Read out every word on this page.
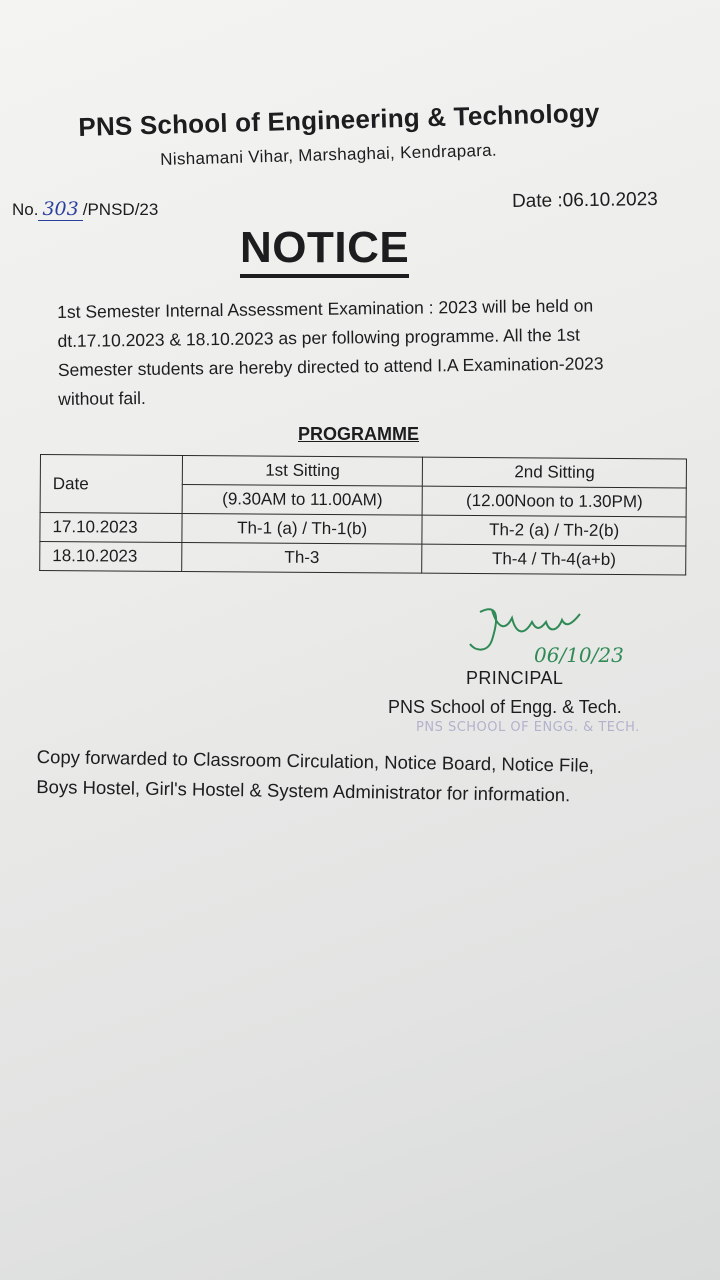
PNS School of Engineering & Technology
Nishamani Vihar, Marshaghai, Kendrapara.
No. 303 /PNSD/23	Date :06.10.2023
NOTICE
1st Semester Internal Assessment Examination : 2023 will be held on
dt.17.10.2023 & 18.10.2023 as per following programme. All the 1st
Semester students are hereby directed to attend I.A Examination-2023
without fail.
PROGRAMME
Date	1st Sitting	2nd Sitting
	(9.30AM to 11.00AM)	(12.00Noon to 1.30PM)
17.10.2023	Th-1 (a) / Th-1(b)	Th-2 (a) / Th-2(b)
18.10.2023	Th-3	Th-4 / Th-4(a+b)
06/10/23
PRINCIPAL
PNS School of Engg. & Tech.
PNS SCHOOL OF ENGG. & TECH.
Copy forwarded to Classroom Circulation, Notice Board, Notice File,
Boys Hostel, Girl's Hostel & System Administrator for information.
